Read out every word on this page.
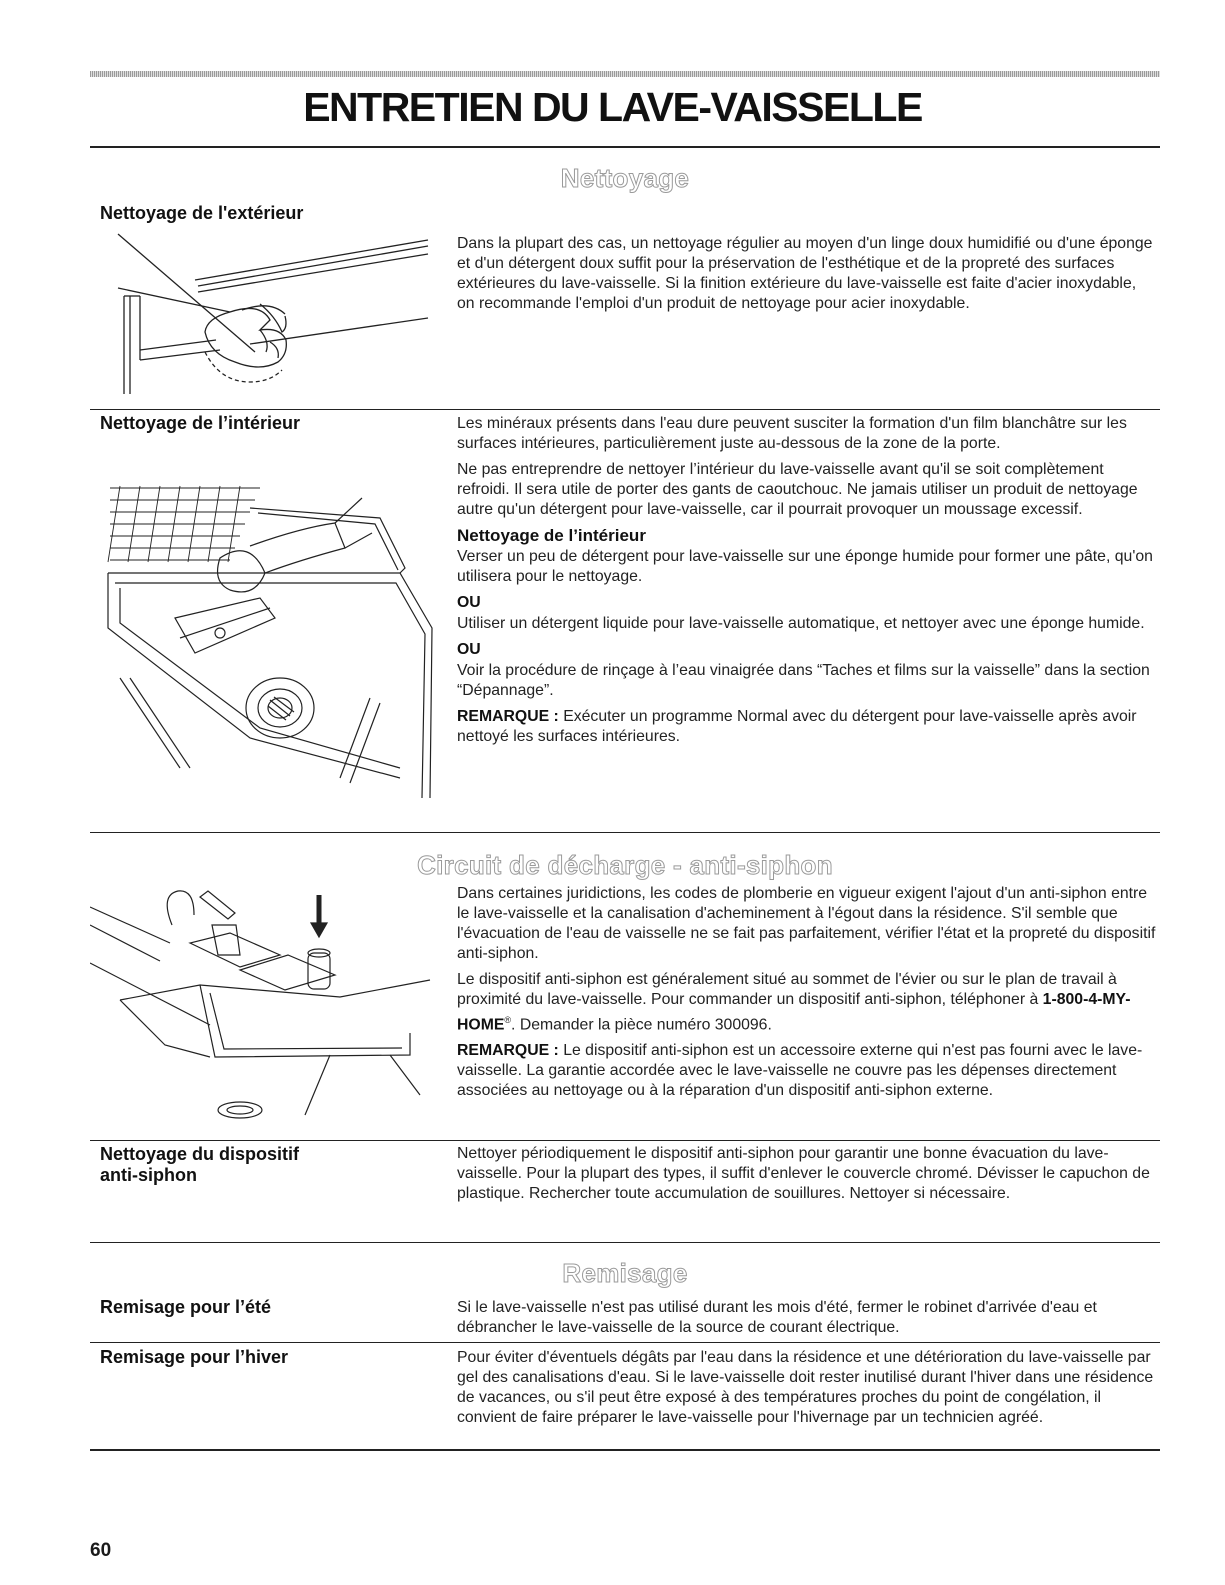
ENTRETIEN DU LAVE-VAISSELLE
Nettoyage
Nettoyage de l'extérieur

Dans la plupart des cas, un nettoyage régulier au moyen d'un linge doux humidifié ou d'une éponge et d'un détergent doux suffit pour la préservation de l'esthétique et de la propreté des surfaces extérieures du lave-vaisselle. Si la finition extérieure du lave-vaisselle est faite d'acier inoxydable, on recommande l'emploi d'un produit de nettoyage pour acier inoxydable.

Nettoyage de l’intérieur	Les minéraux présents dans l'eau dure peuvent susciter la formation d'un film blanchâtre sur les surfaces intérieures, particulièrement juste au-dessous de la zone de la porte.

Ne pas entreprendre de nettoyer l’intérieur du lave-vaisselle avant qu'il se soit complètement refroidi. Il sera utile de porter des gants de caoutchouc. Ne jamais utiliser un produit de nettoyage autre qu'un détergent pour lave-vaisselle, car il pourrait provoquer un moussage excessif.

Nettoyage de l’intérieur

Verser un peu de détergent pour lave-vaisselle sur une éponge humide pour former une pâte, qu'on utilisera pour le nettoyage.

OU

Utiliser un détergent liquide pour lave-vaisselle automatique, et nettoyer avec une éponge humide.

OU

Voir la procédure de rinçage à l’eau vinaigrée dans “Taches et films sur la vaisselle” dans la section “Dépannage”.

REMARQUE : Exécuter un programme Normal avec du détergent pour lave-vaisselle après avoir nettoyé les surfaces intérieures.

Circuit de décharge - anti-siphon

Dans certaines juridictions, les codes de plomberie en vigueur exigent l'ajout d'un anti-siphon entre le lave-vaisselle et la canalisation d'acheminement à l'égout dans la résidence. S'il semble que l'évacuation de l'eau de vaisselle ne se fait pas parfaitement, vérifier l'état et la propreté du dispositif anti-siphon.

Le dispositif anti-siphon est généralement situé au sommet de l'évier ou sur le plan de travail à proximité du lave-vaisselle. Pour commander un dispositif anti-siphon, téléphoner à 1-800-4-MY-HOME®. Demander la pièce numéro 300096.

REMARQUE : Le dispositif anti-siphon est un accessoire externe qui n'est pas fourni avec le lave-vaisselle. La garantie accordée avec le lave-vaisselle ne couvre pas les dépenses directement associées au nettoyage ou à la réparation d'un dispositif anti-siphon externe.

Nettoyage du dispositif
anti-siphon

Nettoyer périodiquement le dispositif anti-siphon pour garantir une bonne évacuation du lave-vaisselle. Pour la plupart des types, il suffit d'enlever le couvercle chromé. Dévisser le capuchon de plastique. Rechercher toute accumulation de souillures. Nettoyer si nécessaire.

Remisage
Remisage pour l’été	Si le lave-vaisselle n'est pas utilisé durant les mois d'été, fermer le robinet d'arrivée d'eau et débrancher le lave-vaisselle de la source de courant électrique.

Remisage pour l’hiver	Pour éviter d'éventuels dégâts par l'eau dans la résidence et une détérioration du lave-vaisselle par gel des canalisations d'eau. Si le lave-vaisselle doit rester inutilisé durant l'hiver dans une résidence de vacances, ou s'il peut être exposé à des températures proches du point de congélation, il convient de faire préparer le lave-vaisselle pour l'hivernage par un technicien agréé.

60
